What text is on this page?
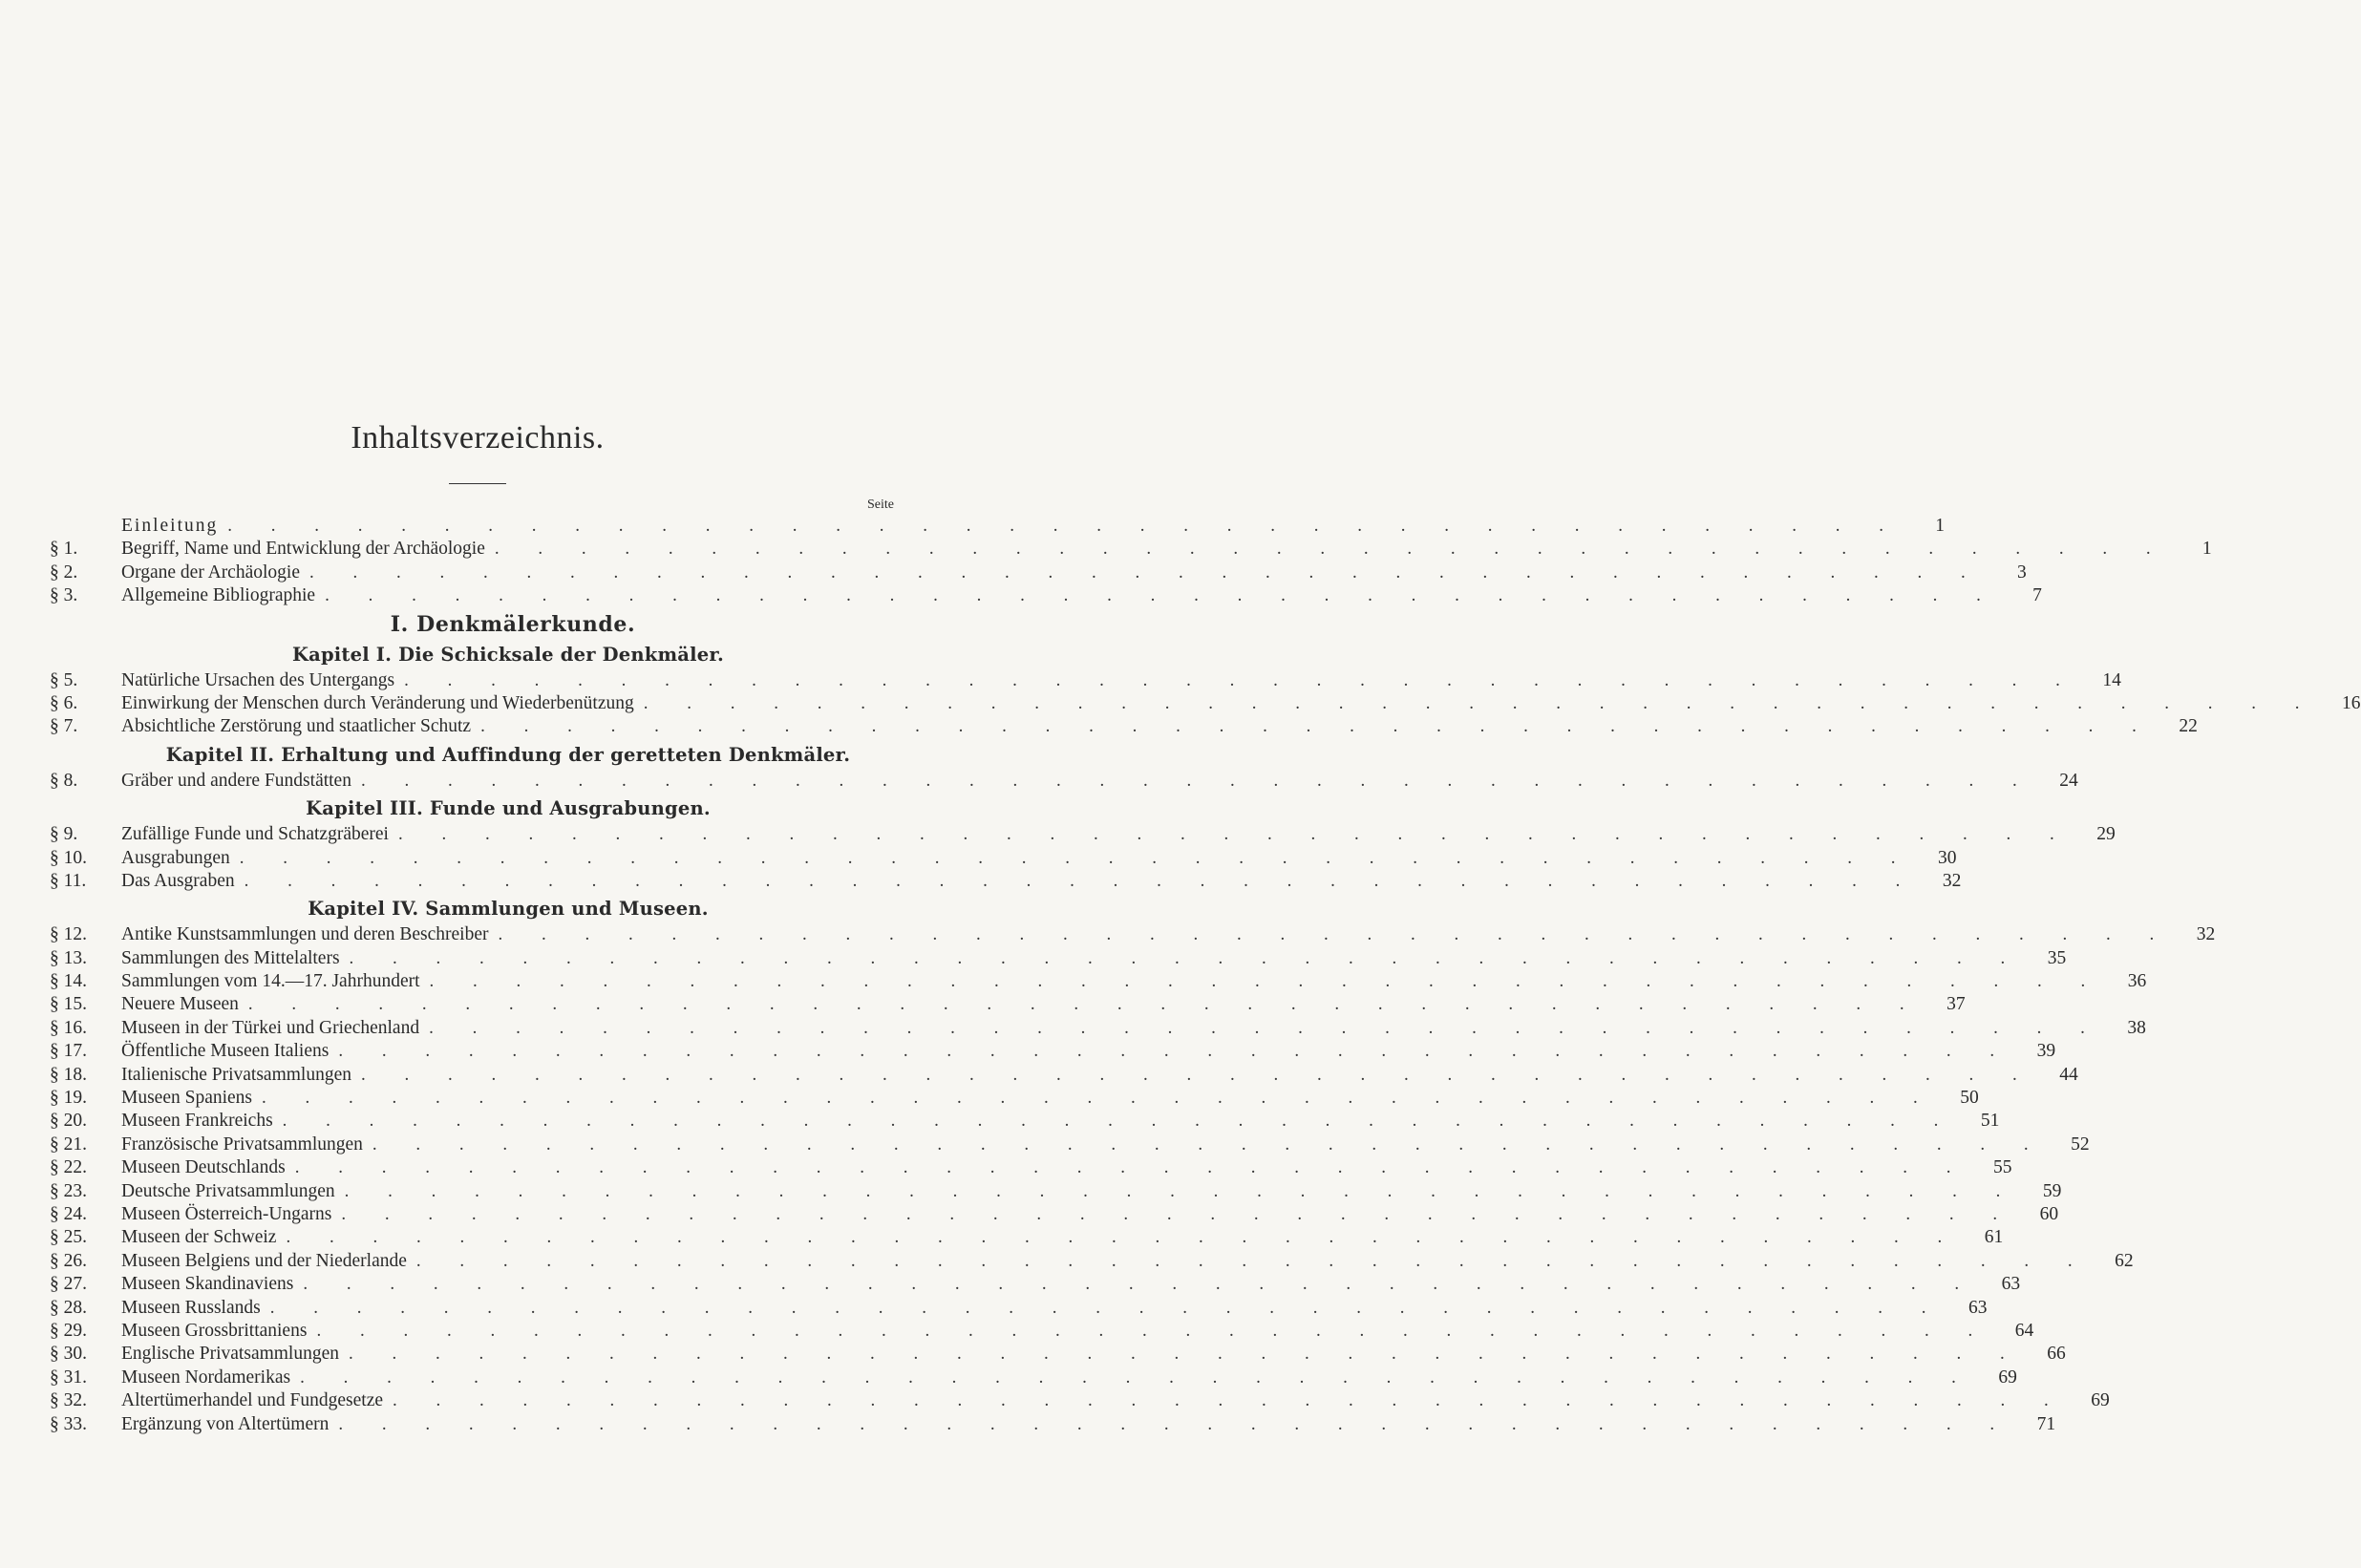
Inhaltsverzeichnis.
Seite
Einleitung . . . . . . . . . . . . . . . . . . . . . . . . . . . . . . . . . . . . . . .	1
§ 1.	Begriff, Name und Entwicklung der Archäologie . . . . . . . . . . . . . . . . . . . . . . . . . . . . . . . . . . . . . . .	1
§ 2.	Organe der Archäologie . . . . . . . . . . . . . . . . . . . . . . . . . . . . . . . . . . . . . . .	3
§ 3.	Allgemeine Bibliographie . . . . . . . . . . . . . . . . . . . . . . . . . . . . . . . . . . . . . . .	7
I. Denkmälerkunde.
Kapitel I. Die Schicksale der Denkmäler.
§ 5.	Natürliche Ursachen des Untergangs . . . . . . . . . . . . . . . . . . . . . . . . . . . . . . . . . . . . . . .	14
§ 6.	Einwirkung der Menschen durch Veränderung und Wiederbenützung . . . . . . . . . . . . . . . . . . . . . . . . . . . . . . . . . . . . . . .	16
§ 7.	Absichtliche Zerstörung und staatlicher Schutz . . . . . . . . . . . . . . . . . . . . . . . . . . . . . . . . . . . . . . .	22
Kapitel II. Erhaltung und Auffindung der geretteten Denkmäler.
§ 8.	Gräber und andere Fundstätten . . . . . . . . . . . . . . . . . . . . . . . . . . . . . . . . . . . . . . .	24
Kapitel III. Funde und Ausgrabungen.
§ 9.	Zufällige Funde und Schatzgräberei . . . . . . . . . . . . . . . . . . . . . . . . . . . . . . . . . . . . . . .	29
§ 10.	Ausgrabungen . . . . . . . . . . . . . . . . . . . . . . . . . . . . . . . . . . . . . . .	30
§ 11.	Das Ausgraben . . . . . . . . . . . . . . . . . . . . . . . . . . . . . . . . . . . . . . .	32
Kapitel IV. Sammlungen und Museen.
§ 12.	Antike Kunstsammlungen und deren Beschreiber . . . . . . . . . . . . . . . . . . . . . . . . . . . . . . . . . . . . . . .	32
§ 13.	Sammlungen des Mittelalters . . . . . . . . . . . . . . . . . . . . . . . . . . . . . . . . . . . . . . .	35
§ 14.	Sammlungen vom 14.—17. Jahrhundert . . . . . . . . . . . . . . . . . . . . . . . . . . . . . . . . . . . . . . .	36
§ 15.	Neuere Museen . . . . . . . . . . . . . . . . . . . . . . . . . . . . . . . . . . . . . . .	37
§ 16.	Museen in der Türkei und Griechenland . . . . . . . . . . . . . . . . . . . . . . . . . . . . . . . . . . . . . . .	38
§ 17.	Öffentliche Museen Italiens . . . . . . . . . . . . . . . . . . . . . . . . . . . . . . . . . . . . . . .	39
§ 18.	Italienische Privatsammlungen . . . . . . . . . . . . . . . . . . . . . . . . . . . . . . . . . . . . . . .	44
§ 19.	Museen Spaniens . . . . . . . . . . . . . . . . . . . . . . . . . . . . . . . . . . . . . . .	50
§ 20.	Museen Frankreichs . . . . . . . . . . . . . . . . . . . . . . . . . . . . . . . . . . . . . . .	51
§ 21.	Französische Privatsammlungen . . . . . . . . . . . . . . . . . . . . . . . . . . . . . . . . . . . . . . .	52
§ 22.	Museen Deutschlands . . . . . . . . . . . . . . . . . . . . . . . . . . . . . . . . . . . . . . .	55
§ 23.	Deutsche Privatsammlungen . . . . . . . . . . . . . . . . . . . . . . . . . . . . . . . . . . . . . . .	59
§ 24.	Museen Österreich-Ungarns . . . . . . . . . . . . . . . . . . . . . . . . . . . . . . . . . . . . . . .	60
§ 25.	Museen der Schweiz . . . . . . . . . . . . . . . . . . . . . . . . . . . . . . . . . . . . . . .	61
§ 26.	Museen Belgiens und der Niederlande . . . . . . . . . . . . . . . . . . . . . . . . . . . . . . . . . . . . . . .	62
§ 27.	Museen Skandinaviens . . . . . . . . . . . . . . . . . . . . . . . . . . . . . . . . . . . . . . .	63
§ 28.	Museen Russlands . . . . . . . . . . . . . . . . . . . . . . . . . . . . . . . . . . . . . . .	63
§ 29.	Museen Grossbrittaniens . . . . . . . . . . . . . . . . . . . . . . . . . . . . . . . . . . . . . . .	64
§ 30.	Englische Privatsammlungen . . . . . . . . . . . . . . . . . . . . . . . . . . . . . . . . . . . . . . .	66
§ 31.	Museen Nordamerikas . . . . . . . . . . . . . . . . . . . . . . . . . . . . . . . . . . . . . . .	69
§ 32.	Altertümerhandel und Fundgesetze . . . . . . . . . . . . . . . . . . . . . . . . . . . . . . . . . . . . . . .	69
§ 33.	Ergänzung von Altertümern . . . . . . . . . . . . . . . . . . . . . . . . . . . . . . . . . . . . . . .	71
